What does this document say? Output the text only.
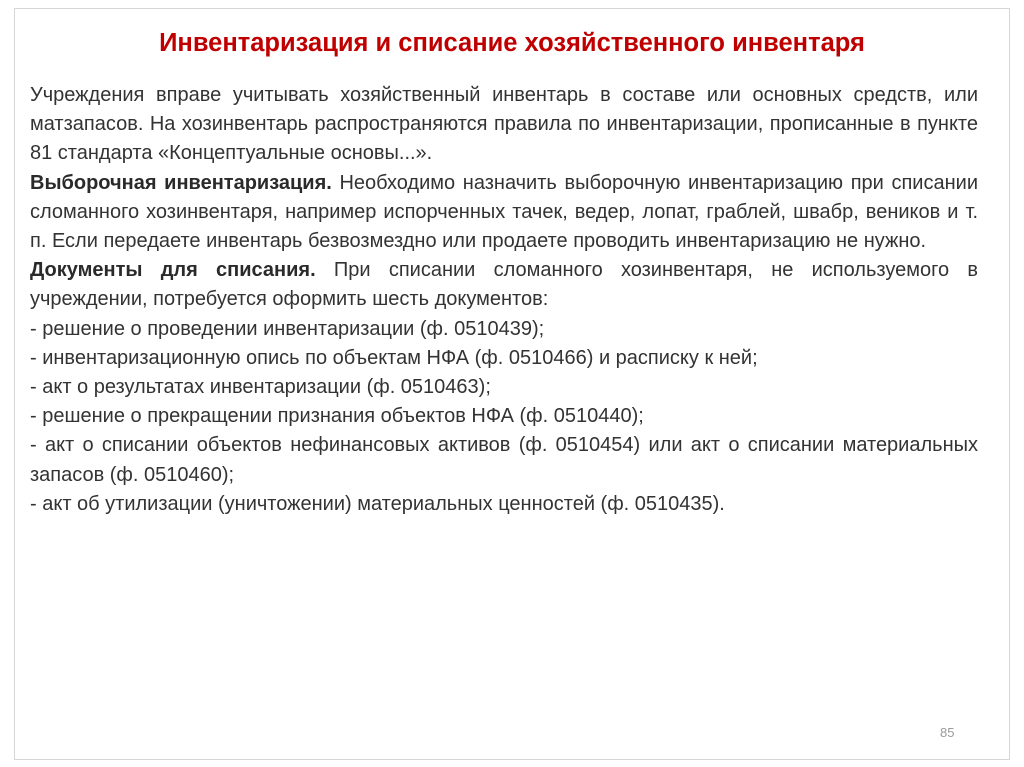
Инвентаризация и списание хозяйственного инвентаря

Учреждения вправе учитывать хозяйственный инвентарь в составе или основных средств, или матзапасов. На хозинвентарь распространяются правила по инвентаризации, прописанные в пункте 81 стандарта «Концептуальные основы...».

Выборочная инвентаризация. Необходимо назначить выборочную инвентаризацию при списании сломанного хозинвентаря, например испорченных тачек, ведер, лопат, граблей, швабр, веников и т. п. Если передаете инвентарь безвозмездно или продаете проводить инвентаризацию не нужно.

Документы для списания. При списании сломанного хозинвентаря, не используемого в учреждении, потребуется оформить шесть документов:

- решение о проведении инвентаризации (ф. 0510439);

- инвентаризационную опись по объектам НФА (ф. 0510466) и расписку к ней;

- акт о результатах инвентаризации (ф. 0510463);

- решение о прекращении признания объектов НФА (ф. 0510440);

- акт о списании объектов нефинансовых активов (ф. 0510454) или акт о списании материальных запасов (ф. 0510460);

- акт об утилизации (уничтожении) материальных ценностей (ф. 0510435).

85
